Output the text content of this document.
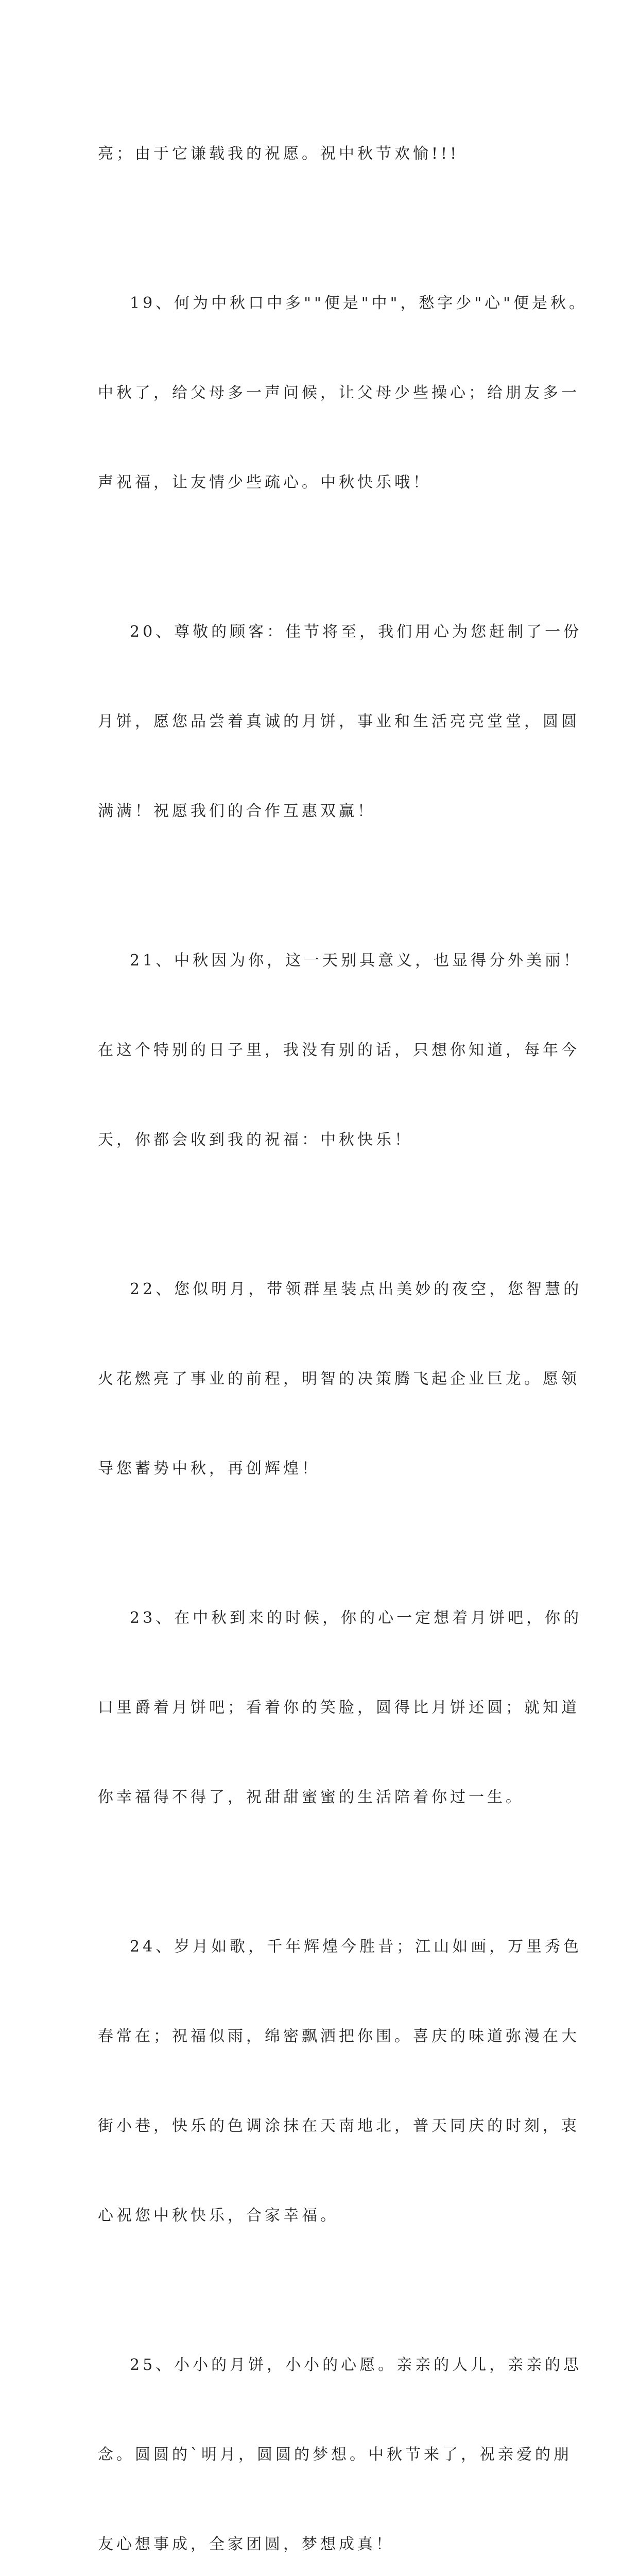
亮；由于它谦载我的祝愿。祝中秋节欢愉!!!

19、何为中秋口中多""便是"中"，愁字少"心"便是秋。

中秋了，给父母多一声问候，让父母少些操心；给朋友多一

声祝福，让友情少些疏心。中秋快乐哦！

20、尊敬的顾客：佳节将至，我们用心为您赶制了一份

月饼，愿您品尝着真诚的月饼，事业和生活亮亮堂堂，圆圆

满满！祝愿我们的合作互惠双赢！

21、中秋因为你，这一天别具意义，也显得分外美丽！

在这个特别的日子里，我没有别的话，只想你知道，每年今

天，你都会收到我的祝福：中秋快乐！

22、您似明月，带领群星装点出美妙的夜空，您智慧的

火花燃亮了事业的前程，明智的决策腾飞起企业巨龙。愿领

导您蓄势中秋，再创辉煌！

23、在中秋到来的时候，你的心一定想着月饼吧，你的

口里爵着月饼吧；看着你的笑脸，圆得比月饼还圆；就知道

你幸福得不得了，祝甜甜蜜蜜的生活陪着你过一生。

24、岁月如歌，千年辉煌今胜昔；江山如画，万里秀色

春常在；祝福似雨，绵密飘洒把你围。喜庆的味道弥漫在大

街小巷，快乐的色调涂抹在天南地北，普天同庆的时刻，衷

心祝您中秋快乐，合家幸福。

25、小小的月饼，小小的心愿。亲亲的人儿，亲亲的思

念。圆圆的`明月，圆圆的梦想。中秋节来了，祝亲爱的朋

友心想事成，全家团圆，梦想成真！
